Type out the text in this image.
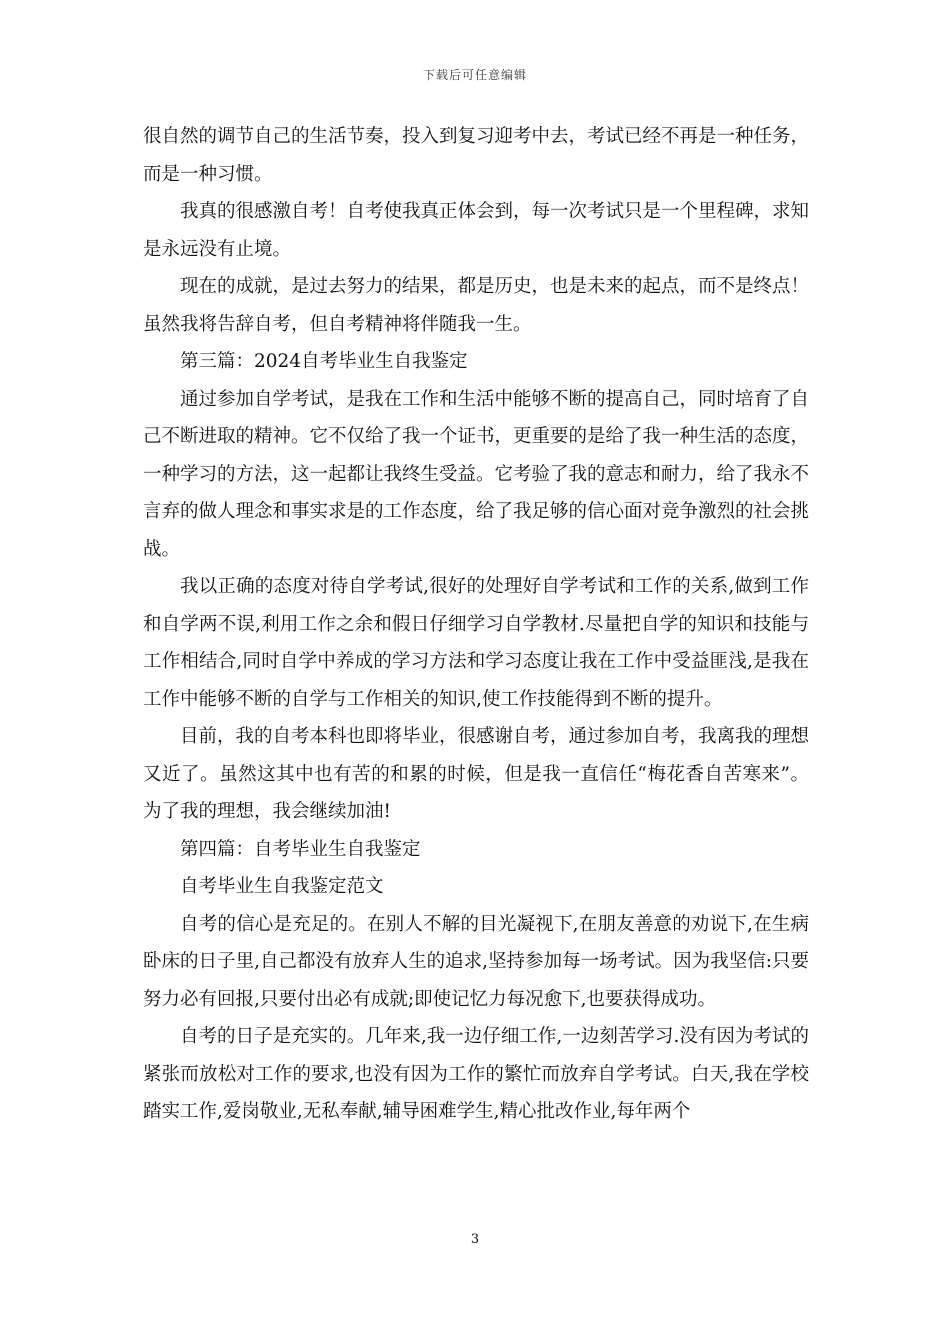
下载后可任意编辑

很自然的调节自己的生活节奏，投入到复习迎考中去，考试已经不再是一种任务，而是一种习惯。

我真的很感激自考！自考使我真正体会到，每一次考试只是一个里程碑，求知是永远没有止境。

现在的成就，是过去努力的结果，都是历史，也是未来的起点，而不是终点！虽然我将告辞自考，但自考精神将伴随我一生。

第三篇：2024自考毕业生自我鉴定

通过参加自学考试，是我在工作和生活中能够不断的提高自己，同时培育了自己不断进取的精神。它不仅给了我一个证书，更重要的是给了我一种生活的态度，一种学习的方法，这一起都让我终生受益。它考验了我的意志和耐力，给了我永不言弃的做人理念和事实求是的工作态度，给了我足够的信心面对竞争激烈的社会挑战。

我以正确的态度对待自学考试,很好的处理好自学考试和工作的关系,做到工作和自学两不误,利用工作之余和假日仔细学习自学教材.尽量把自学的知识和技能与工作相结合,同时自学中养成的学习方法和学习态度让我在工作中受益匪浅,是我在工作中能够不断的自学与工作相关的知识,使工作技能得到不断的提升。

目前，我的自考本科也即将毕业，很感谢自考，通过参加自考，我离我的理想又近了。虽然这其中也有苦的和累的时候，但是我一直信任“梅花香自苦寒来”。为了我的理想，我会继续加油!

第四篇：自考毕业生自我鉴定

自考毕业生自我鉴定范文

自考的信心是充足的。在别人不解的目光凝视下,在朋友善意的劝说下,在生病卧床的日子里,自己都没有放弃人生的追求,坚持参加每一场考试。因为我坚信:只要努力必有回报,只要付出必有成就;即使记忆力每况愈下,也要获得成功。

自考的日子是充实的。几年来,我一边仔细工作,一边刻苦学习.没有因为考试的紧张而放松对工作的要求,也没有因为工作的繁忙而放弃自学考试。白天,我在学校踏实工作,爱岗敬业,无私奉献,辅导困难学生,精心批改作业,每年两个

3
